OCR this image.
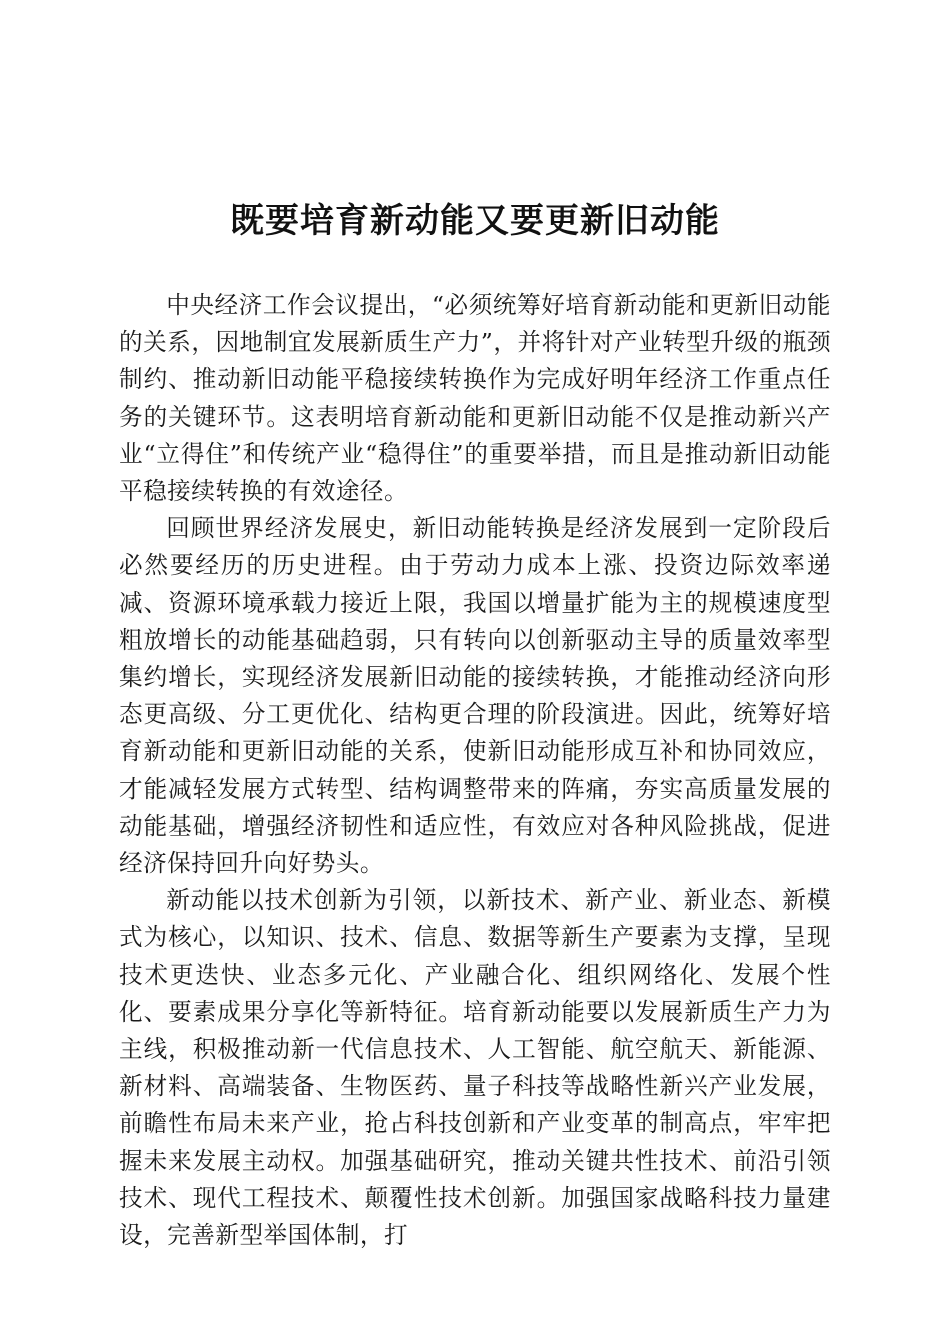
既要培育新动能又要更新旧动能

中央经济工作会议提出，“必须统筹好培育新动能和更新旧动能的关系，因地制宜发展新质生产力”，并将针对产业转型升级的瓶颈制约、推动新旧动能平稳接续转换作为完成好明年经济工作重点任务的关键环节。这表明培育新动能和更新旧动能不仅是推动新兴产业“立得住”和传统产业“稳得住”的重要举措，而且是推动新旧动能平稳接续转换的有效途径。

回顾世界经济发展史，新旧动能转换是经济发展到一定阶段后必然要经历的历史进程。由于劳动力成本上涨、投资边际效率递减、资源环境承载力接近上限，我国以增量扩能为主的规模速度型粗放增长的动能基础趋弱，只有转向以创新驱动主导的质量效率型集约增长，实现经济发展新旧动能的接续转换，才能推动经济向形态更高级、分工更优化、结构更合理的阶段演进。因此，统筹好培育新动能和更新旧动能的关系，使新旧动能形成互补和协同效应，才能减轻发展方式转型、结构调整带来的阵痛，夯实高质量发展的动能基础，增强经济韧性和适应性，有效应对各种风险挑战，促进经济保持回升向好势头。

新动能以技术创新为引领，以新技术、新产业、新业态、新模式为核心，以知识、技术、信息、数据等新生产要素为支撑，呈现技术更迭快、业态多元化、产业融合化、组织网络化、发展个性化、要素成果分享化等新特征。培育新动能要以发展新质生产力为主线，积极推动新一代信息技术、人工智能、航空航天、新能源、新材料、高端装备、生物医药、量子科技等战略性新兴产业发展，前瞻性布局未来产业，抢占科技创新和产业变革的制高点，牢牢把握未来发展主动权。加强基础研究，推动关键共性技术、前沿引领技术、现代工程技术、颠覆性技术创新。加强国家战略科技力量建设，完善新型举国体制，打
